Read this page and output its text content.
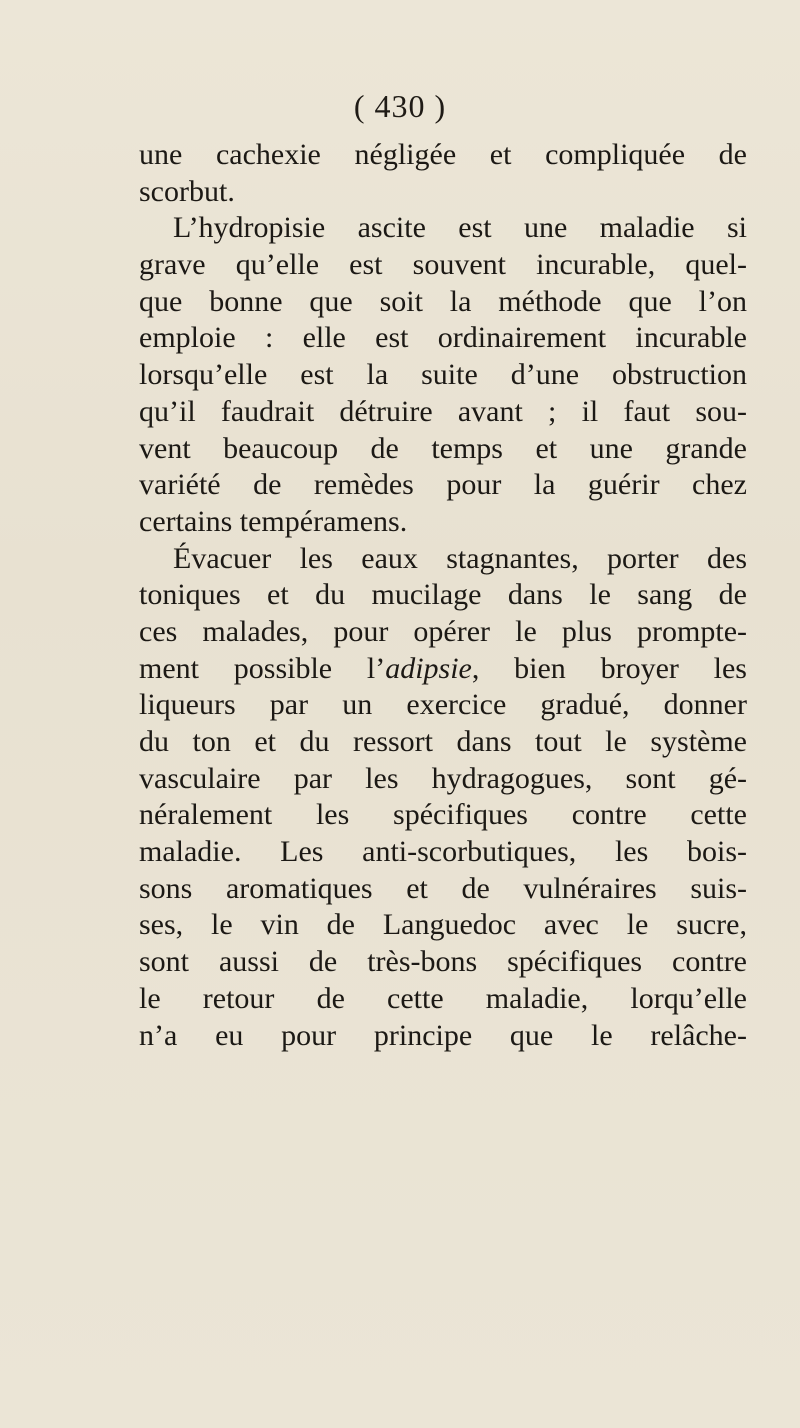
( 430 )
une cachexie négligée et compliquée de
scorbut.
L’hydropisie ascite est une maladie si
grave qu’elle est souvent incurable, quel-
que bonne que soit la méthode que l’on
emploie : elle est ordinairement incurable
lorsqu’elle est la suite d’une obstruction
qu’il faudrait détruire avant ; il faut sou-
vent beaucoup de temps et une grande
variété de remèdes pour la guérir chez
certains tempéramens.
Évacuer les eaux stagnantes, porter des
toniques et du mucilage dans le sang de
ces malades, pour opérer le plus prompte-
ment possible l’adipsie, bien broyer les
liqueurs par un exercice gradué, donner
du ton et du ressort dans tout le système
vasculaire par les hydragogues, sont gé-
néralement les spécifiques contre cette
maladie. Les anti-scorbutiques, les bois-
sons aromatiques et de vulnéraires suis-
ses, le vin de Languedoc avec le sucre,
sont aussi de très-bons spécifiques contre
le retour de cette maladie, lorqu’elle
n’a eu pour principe que le relâche-
